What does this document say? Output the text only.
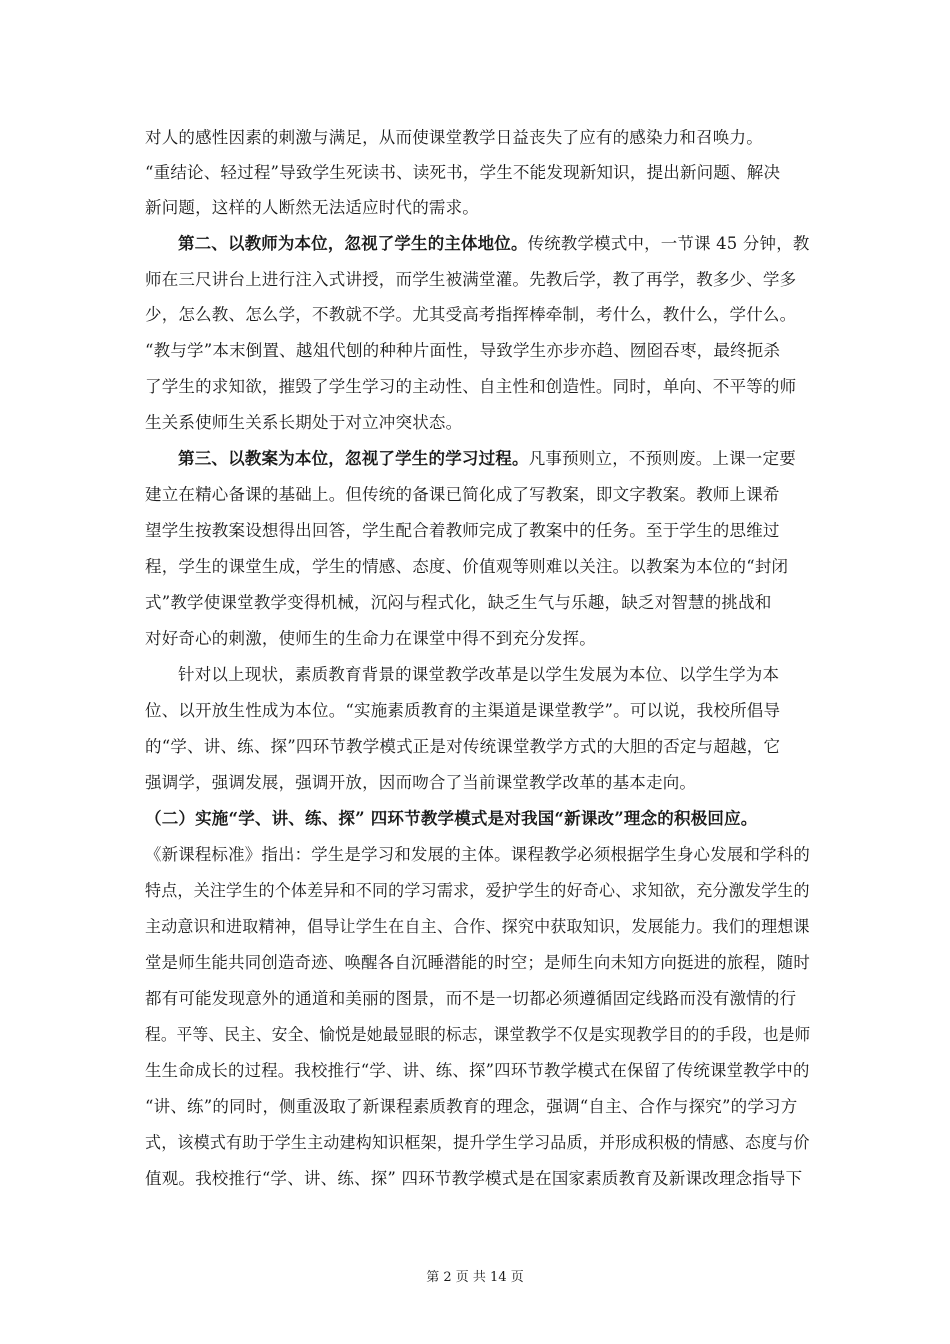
对人的感性因素的刺激与满足，从而使课堂教学日益丧失了应有的感染力和召唤力。
“重结论、轻过程”导致学生死读书、读死书，学生不能发现新知识，提出新问题、解决
新问题，这样的人断然无法适应时代的需求。
第二、以教师为本位，忽视了学生的主体地位。传统教学模式中，一节课 45 分钟，教
师在三尺讲台上进行注入式讲授，而学生被满堂灌。先教后学，教了再学，教多少、学多
少，怎么教、怎么学，不教就不学。尤其受高考指挥棒牵制，考什么，教什么，学什么。
“教与学”本末倒置、越俎代刨的种种片面性，导致学生亦步亦趋、囫囵吞枣，最终扼杀
了学生的求知欲，摧毁了学生学习的主动性、自主性和创造性。同时，单向、不平等的师
生关系使师生关系长期处于对立冲突状态。
第三、以教案为本位，忽视了学生的学习过程。凡事预则立，不预则废。上课一定要
建立在精心备课的基础上。但传统的备课已简化成了写教案，即文字教案。教师上课希
望学生按教案设想得出回答，学生配合着教师完成了教案中的任务。至于学生的思维过
程，学生的课堂生成，学生的情感、态度、价值观等则难以关注。以教案为本位的“封闭
式”教学使课堂教学变得机械，沉闷与程式化，缺乏生气与乐趣，缺乏对智慧的挑战和
对好奇心的刺激，使师生的生命力在课堂中得不到充分发挥。
针对以上现状，素质教育背景的课堂教学改革是以学生发展为本位、以学生学为本
位、以开放生性成为本位。“实施素质教育的主渠道是课堂教学”。可以说，我校所倡导
的“学、讲、练、探”四环节教学模式正是对传统课堂教学方式的大胆的否定与超越，它
强调学，强调发展，强调开放，因而吻合了当前课堂教学改革的基本走向。
（二）实施“学、讲、练、探” 四环节教学模式是对我国“新课改”理念的积极回应。
《新课程标准》指出：学生是学习和发展的主体。课程教学必须根据学生身心发展和学科的
特点，关注学生的个体差异和不同的学习需求，爱护学生的好奇心、求知欲，充分激发学生的
主动意识和进取精神，倡导让学生在自主、合作、探究中获取知识，发展能力。我们的理想课
堂是师生能共同创造奇迹、唤醒各自沉睡潜能的时空；是师生向未知方向挺进的旅程，随时
都有可能发现意外的通道和美丽的图景，而不是一切都必须遵循固定线路而没有激情的行
程。平等、民主、安全、愉悦是她最显眼的标志，课堂教学不仅是实现教学目的的手段，也是师
生生命成长的过程。我校推行“学、讲、练、探”四环节教学模式在保留了传统课堂教学中的
“讲、练”的同时，侧重汲取了新课程素质教育的理念，强调“自主、合作与探究”的学习方
式，该模式有助于学生主动建构知识框架，提升学生学习品质，并形成积极的情感、态度与价
值观。我校推行“学、讲、练、探” 四环节教学模式是在国家素质教育及新课改理念指导下
第 2 页 共 14 页
